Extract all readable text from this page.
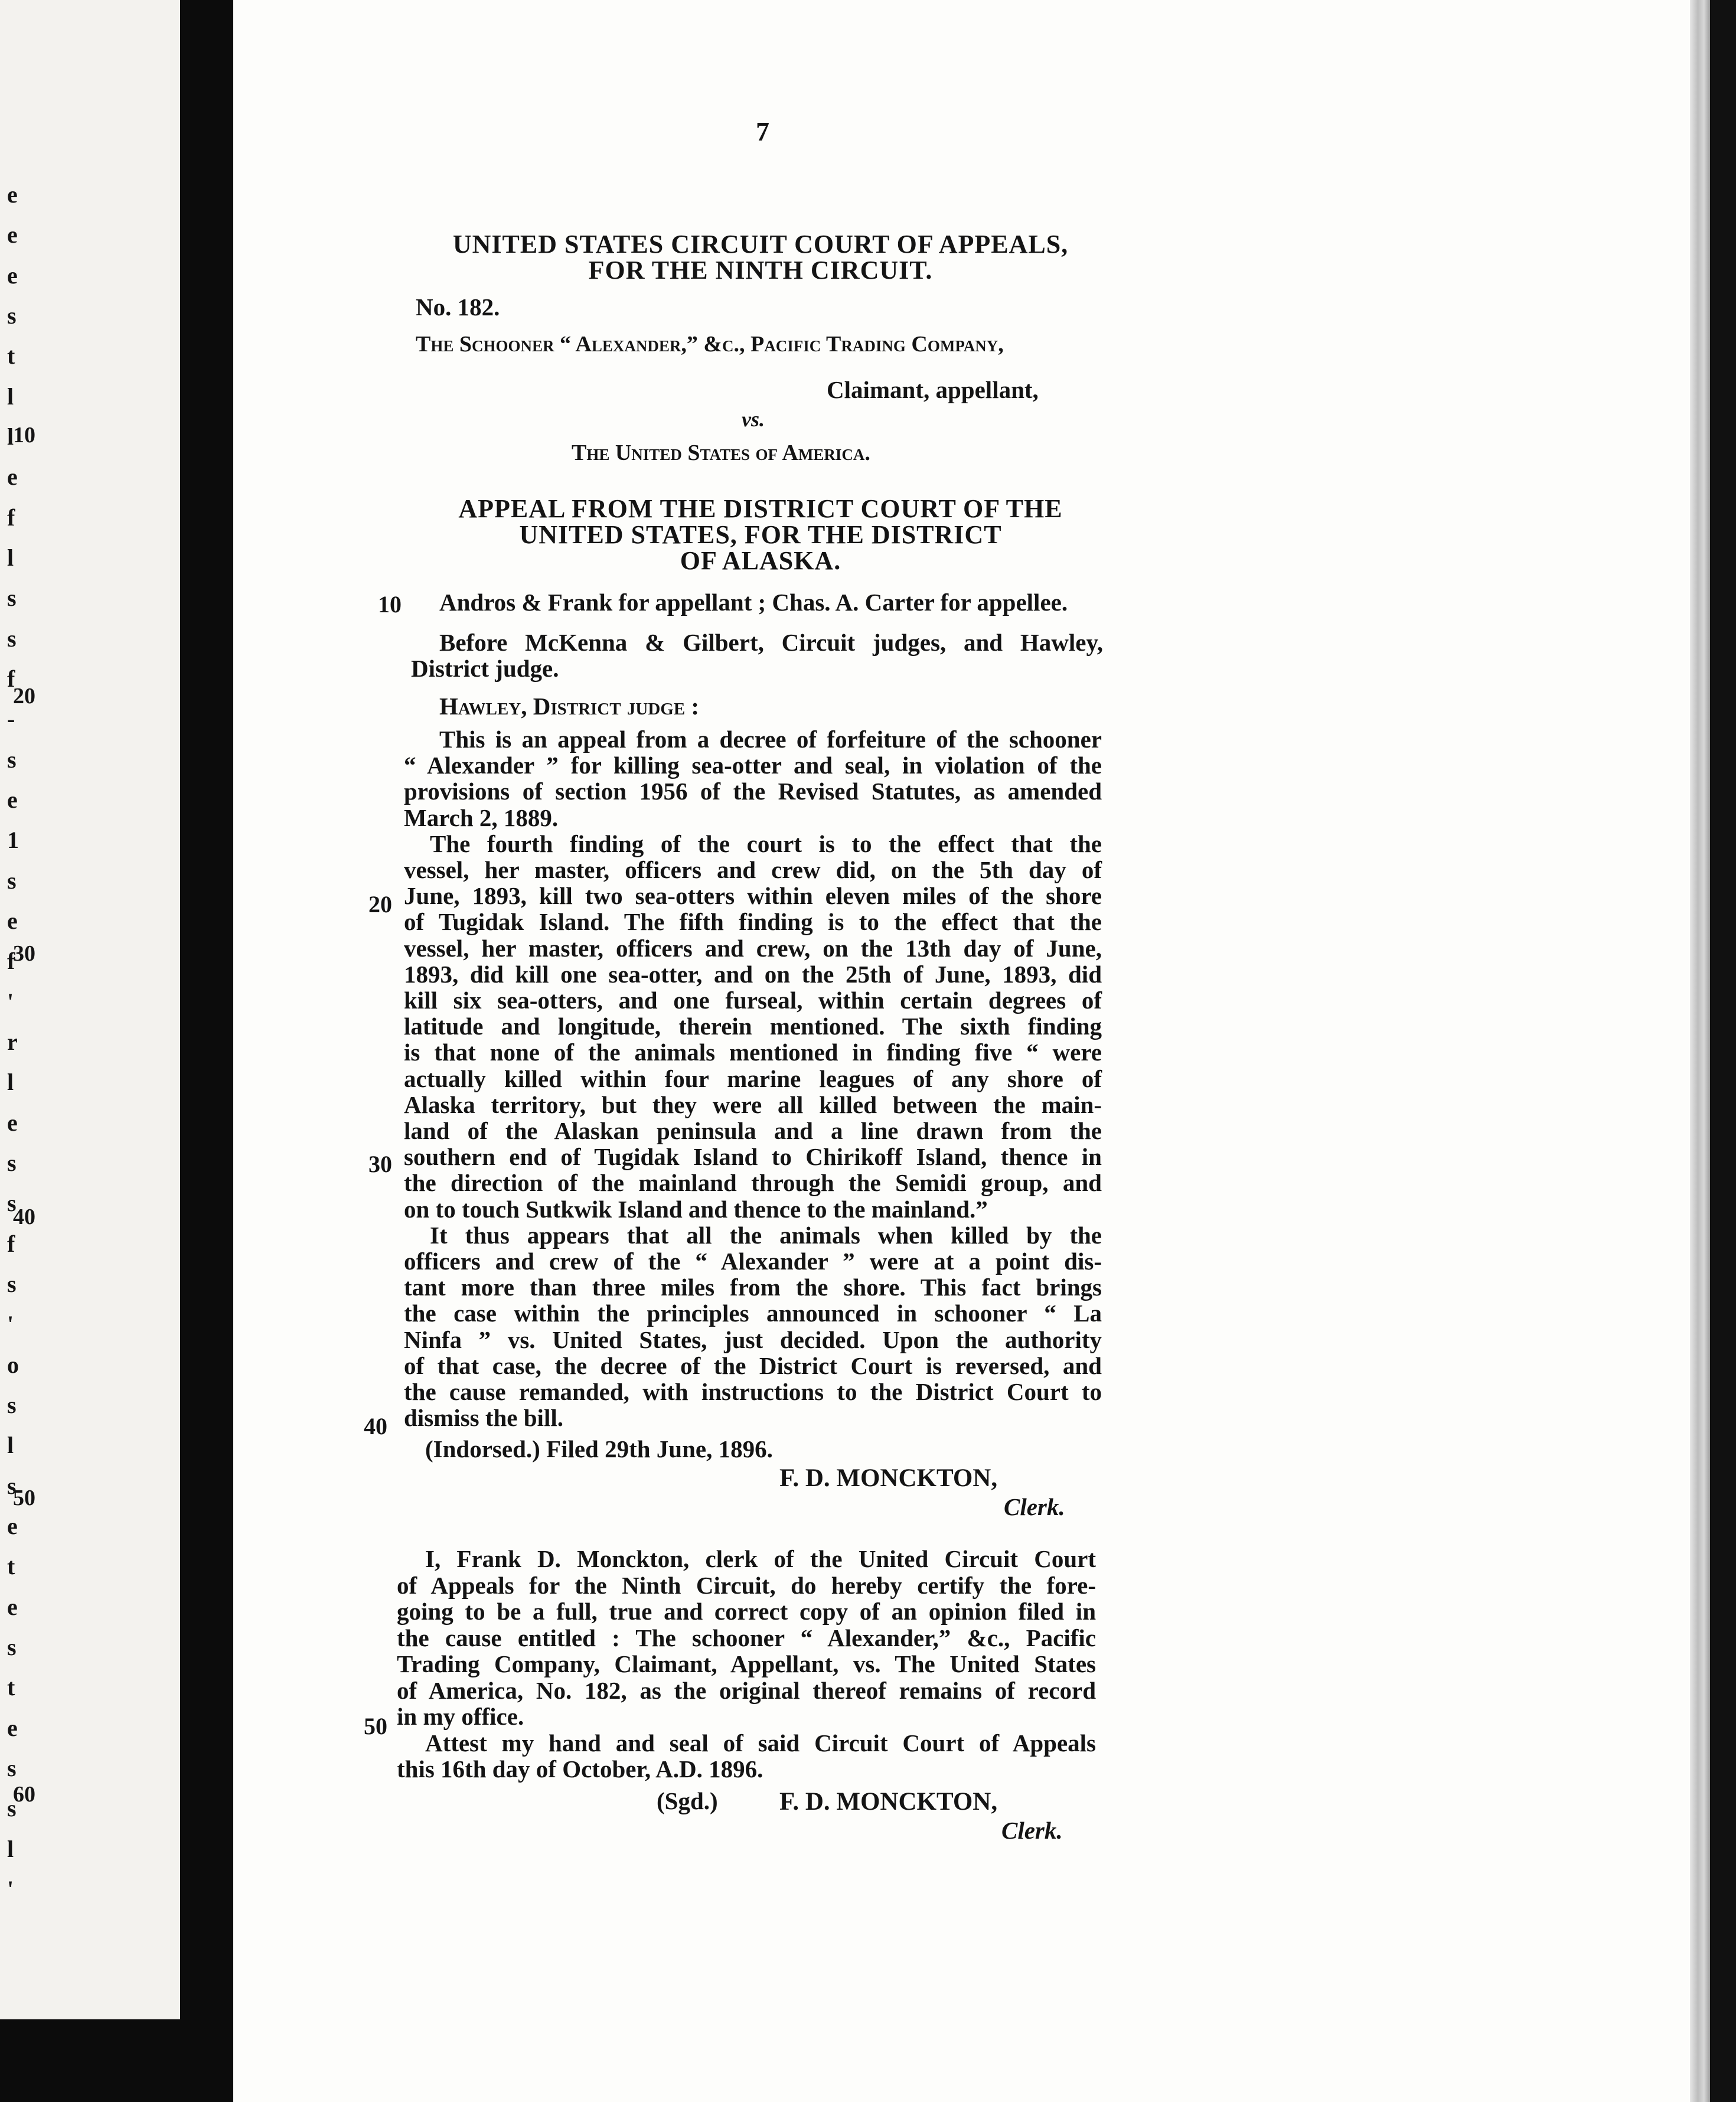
e
e
e
s
t
l
l
e
f
l
s
s
f
-
s
e
1
s
e
f
'
r
l
e
s
s
f
s
'
o
s
l
s
e
t
e
s
t
e
s
s
l
'
10
20
30
40
50
60
7
UNITED STATES CIRCUIT COURT OF APPEALS,
FOR THE NINTH CIRCUIT.
No. 182.
The Schooner “ Alexander,” &c., Pacific Trading Company,
Claimant, appellant,
vs.
The United States of America.
APPEAL FROM THE DISTRICT COURT OF THE
UNITED STATES, FOR THE DISTRICT
OF ALASKA.
10 Andros & Frank for appellant ; Chas. A. Carter for appellee.
Before McKenna & Gilbert, Circuit judges, and Hawley,
District judge.
Hawley, District judge :
This is an appeal from a decree of forfeiture of the schooner
“ Alexander ” for killing sea-otter and seal, in violation of the
provisions of section 1956 of the Revised Statutes, as amended
March 2, 1889.
The fourth finding of the court is to the effect that the
vessel, her master, officers and crew did, on the 5th day of
June, 1893, kill two sea-otters within eleven miles of the shore
of Tugidak Island. The fifth finding is to the effect that the
vessel, her master, officers and crew, on the 13th day of June,
1893, did kill one sea-otter, and on the 25th of June, 1893, did
kill six sea-otters, and one furseal, within certain degrees of
latitude and longitude, therein mentioned. The sixth finding
is that none of the animals mentioned in finding five “ were
actually killed within four marine leagues of any shore of
Alaska territory, but they were all killed between the main-
land of the Alaskan peninsula and a line drawn from the
southern end of Tugidak Island to Chirikoff Island, thence in
the direction of the mainland through the Semidi group, and
on to touch Sutkwik Island and thence to the mainland.”
It thus appears that all the animals when killed by the
officers and crew of the “ Alexander ” were at a point dis-
tant more than three miles from the shore. This fact brings
the case within the principles announced in schooner “ La
Ninfa ” vs. United States, just decided. Upon the authority
of that case, the decree of the District Court is reversed, and
the cause remanded, with instructions to the District Court to
dismiss the bill.
20
30
40
50
(Indorsed.) Filed 29th June, 1896.
F. D. MONCKTON,
Clerk.
I, Frank D. Monckton, clerk of the United Circuit Court
of Appeals for the Ninth Circuit, do hereby certify the fore-
going to be a full, true and correct copy of an opinion filed in
the cause entitled : The schooner “ Alexander,” &c., Pacific
Trading Company, Claimant, Appellant, vs. The United States
of America, No. 182, as the original thereof remains of record
in my office.
Attest my hand and seal of said Circuit Court of Appeals
this 16th day of October, A.D. 1896.
(Sgd.) F. D. MONCKTON,
Clerk.
